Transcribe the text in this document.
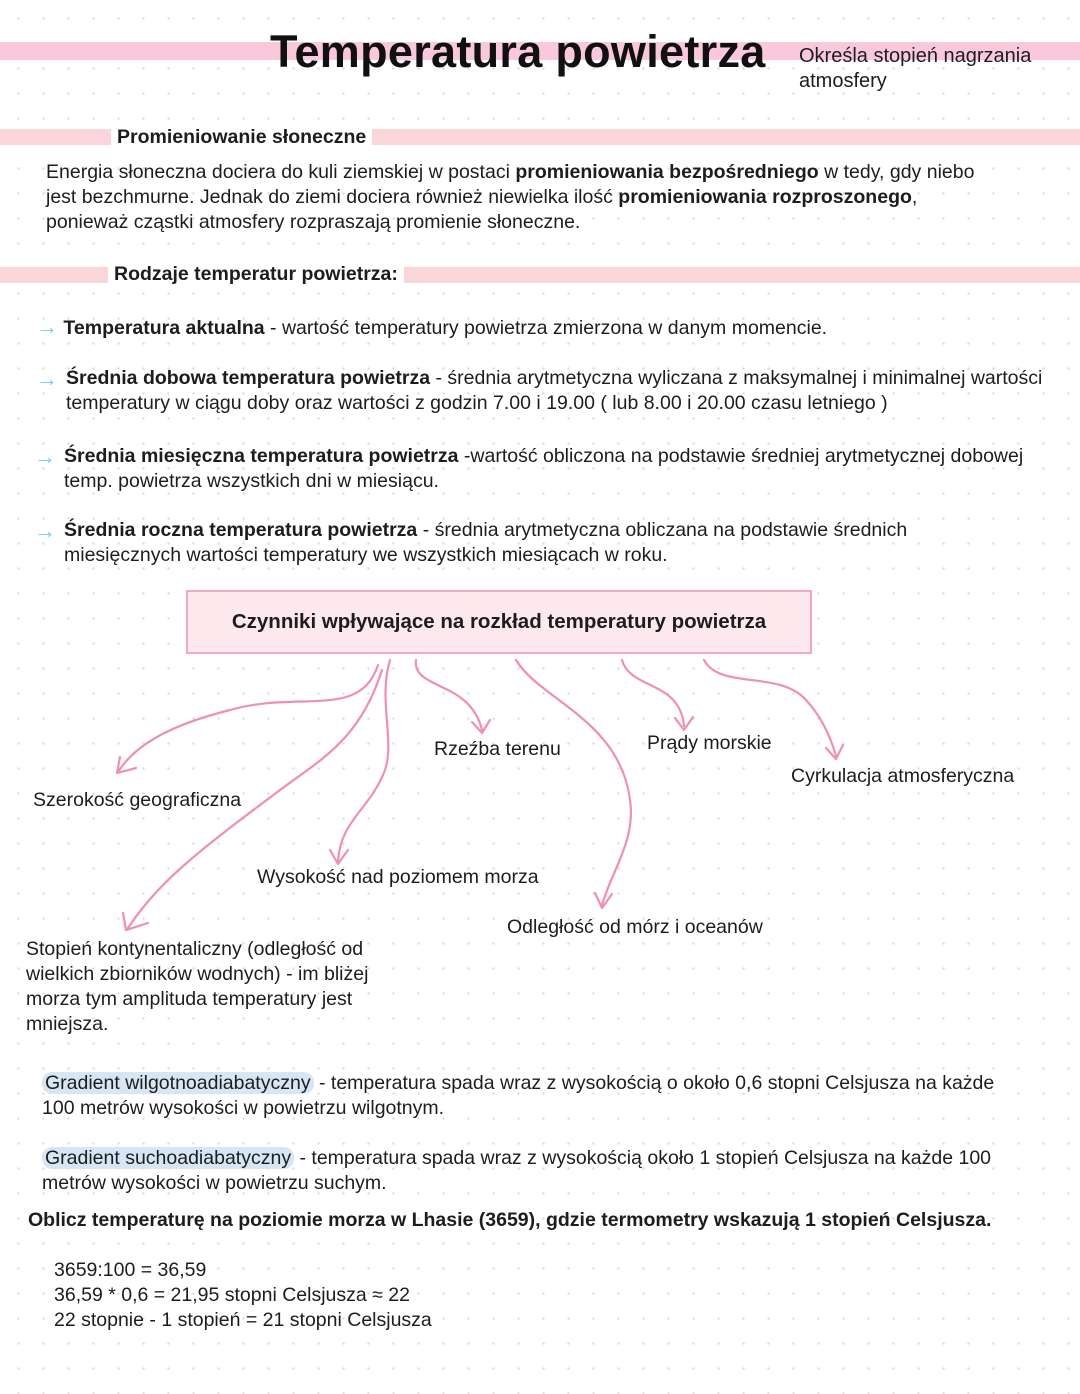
Temperatura powietrza Określa stopień nagrzania atmosfery
Promieniowanie słoneczne
Energia słoneczna dociera do kuli ziemskiej w postaci promieniowania bezpośredniego w tedy, gdy niebo jest bezchmurne. Jednak do ziemi dociera również niewielka ilość promieniowania rozproszonego, ponieważ cząstki atmosfery rozpraszają promienie słoneczne.
Rodzaje temperatur powietrza:
→ Temperatura aktualna - wartość temperatury powietrza zmierzona w danym momencie.
→ Średnia dobowa temperatura powietrza - średnia arytmetyczna wyliczana z maksymalnej i minimalnej wartości temperatury w ciągu doby oraz wartości z godzin 7.00 i 19.00 ( lub 8.00 i 20.00 czasu letniego )
→ Średnia miesięczna temperatura powietrza -wartość obliczona na podstawie średniej arytmetycznej dobowej temp. powietrza wszystkich dni w miesiącu.
→ Średnia roczna temperatura powietrza - średnia arytmetyczna obliczana na podstawie średnich miesięcznych wartości temperatury we wszystkich miesiącach w roku.
Czynniki wpływające na rozkład temperatury powietrza
Szerokość geograficzna
Rzeźba terenu	Prądy morskie
Cyrkulacja atmosferyczna
Wysokość nad poziomem morza
Odległość od mórz i oceanów
Stopień kontynentaliczny (odległość od wielkich zbiorników wodnych) - im bliżej morza tym amplituda temperatury jest mniejsza.
Gradient wilgotnoadiabatyczny - temperatura spada wraz z wysokością o około 0,6 stopni Celsjusza na każde 100 metrów wysokości w powietrzu wilgotnym.
Gradient suchoadiabatyczny - temperatura spada wraz z wysokością około 1 stopień Celsjusza na każde 100 metrów wysokości w powietrzu suchym.
Oblicz temperaturę na poziomie morza w Lhasie (3659), gdzie termometry wskazują 1 stopień Celsjusza.
3659:100 = 36,59
36,59 * 0,6 = 21,95 stopni Celsjusza ≈ 22
22 stopnie - 1 stopień = 21 stopni Celsjusza
